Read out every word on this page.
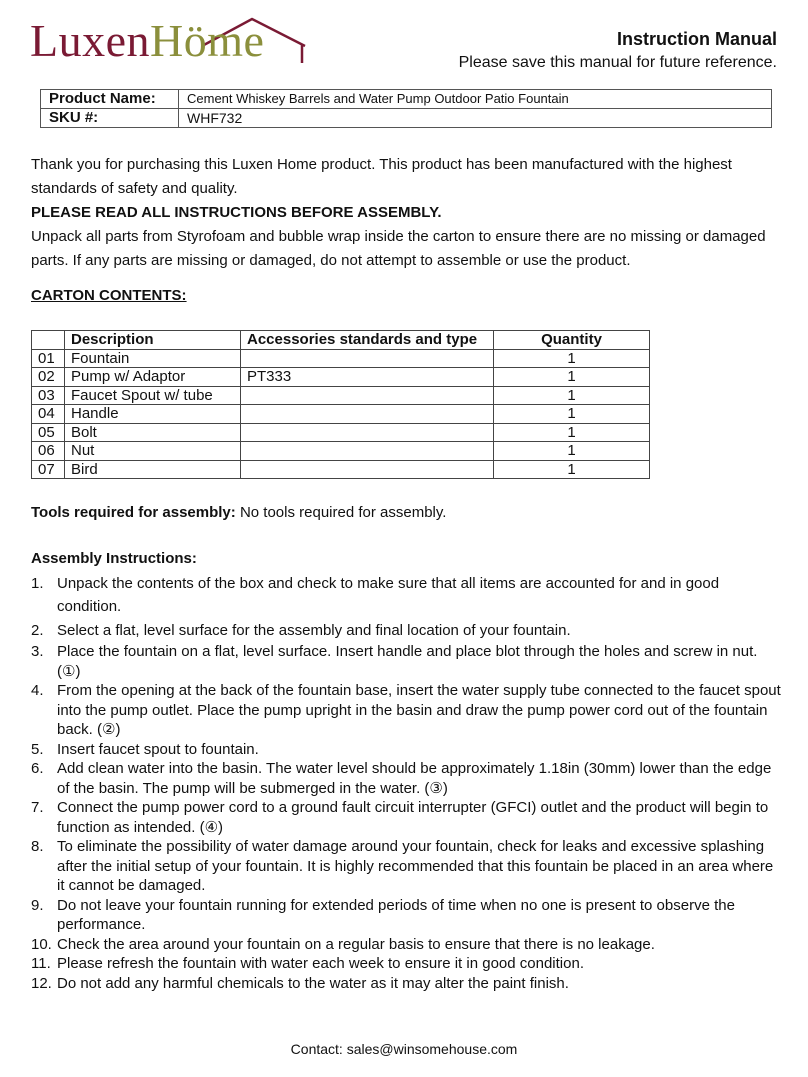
LuxenHöme	Instruction Manual
Please save this manual for future reference.
Product Name:	Cement Whiskey Barrels and Water Pump Outdoor Patio Fountain
SKU #:	WHF732

Thank you for purchasing this Luxen Home product. This product has been manufactured with the highest standards of safety and quality.

PLEASE READ ALL INSTRUCTIONS BEFORE ASSEMBLY.

Unpack all parts from Styrofoam and bubble wrap inside the carton to ensure there are no missing or damaged parts. If any parts are missing or damaged, do not attempt to assemble or use the product.

CARTON CONTENTS:
	Description	Accessories standards and type	Quantity
01	Fountain		1
02	Pump w/ Adaptor	PT333	1
03	Faucet Spout w/ tube		1
04	Handle		1
05	Bolt		1
06	Nut		1
07	Bird		1
Tools required for assembly: No tools required for assembly.
Assembly Instructions:
1. Unpack the contents of the box and check to make sure that all items are accounted for and in good condition.
2. Select a flat, level surface for the assembly and final location of your fountain.
3. Place the fountain on a flat, level surface. Insert handle and place blot through the holes and screw in nut. (①)
4. From the opening at the back of the fountain base, insert the water supply tube connected to the faucet spout into the pump outlet. Place the pump upright in the basin and draw the pump power cord out of the fountain back. (②)
5. Insert faucet spout to fountain.
6. Add clean water into the basin. The water level should be approximately 1.18in (30mm) lower than the edge of the basin. The pump will be submerged in the water. (③)
7. Connect the pump power cord to a ground fault circuit interrupter (GFCI) outlet and the product will begin to function as intended. (④)
8. To eliminate the possibility of water damage around your fountain, check for leaks and excessive splashing after the initial setup of your fountain. It is highly recommended that this fountain be placed in an area where it cannot be damaged.
9. Do not leave your fountain running for extended periods of time when no one is present to observe the performance.
10. Check the area around your fountain on a regular basis to ensure that there is no leakage.
11. Please refresh the fountain with water each week to ensure it in good condition.
12. Do not add any harmful chemicals to the water as it may alter the paint finish.
Contact: sales@winsomehouse.com
